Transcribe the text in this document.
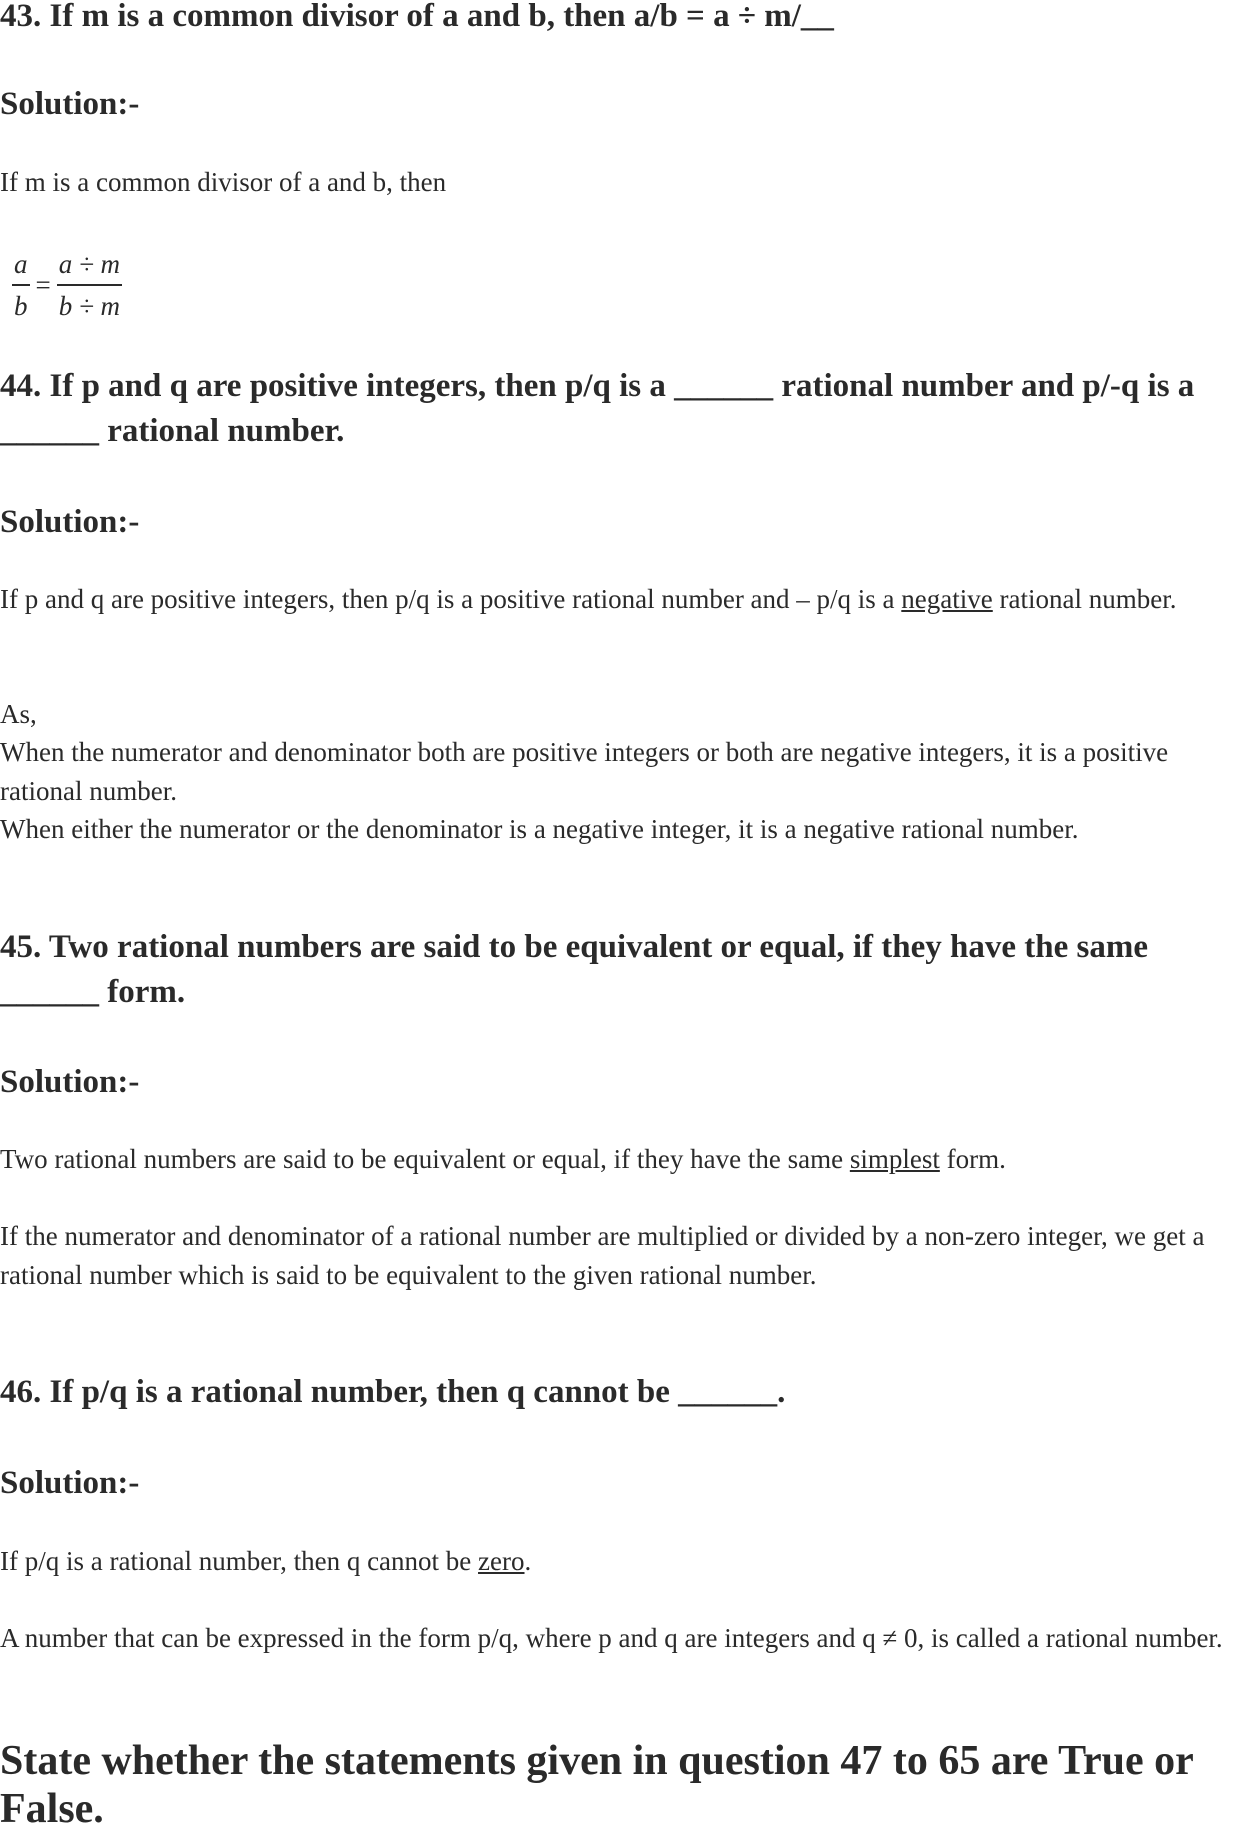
43. If m is a common divisor of a and b, then a/b = a ÷ m/__
Solution:-

If m is a common divisor of a and b, then

$\frac{a}{b} = \frac{a \div m}{b \div m}$
44. If p and q are positive integers, then p/q is a ______ rational number and p/-q is a ______ rational number.
Solution:-

If p and q are positive integers, then p/q is a positive rational number and – p/q is a negative rational number.

As,

When the numerator and denominator both are positive integers or both are negative integers, it is a positive rational number.

When either the numerator or the denominator is a negative integer, it is a negative rational number.

45. Two rational numbers are said to be equivalent or equal, if they have the same ______ form.
Solution:-

Two rational numbers are said to be equivalent or equal, if they have the same simplest form.

If the numerator and denominator of a rational number are multiplied or divided by a non-zero integer, we get a rational number which is said to be equivalent to the given rational number.

46. If p/q is a rational number, then q cannot be ______.
Solution:-

If p/q is a rational number, then q cannot be zero.

A number that can be expressed in the form p/q, where p and q are integers and q ≠ 0, is called a rational number.

State whether the statements given in question 47 to 65 are True or False.
